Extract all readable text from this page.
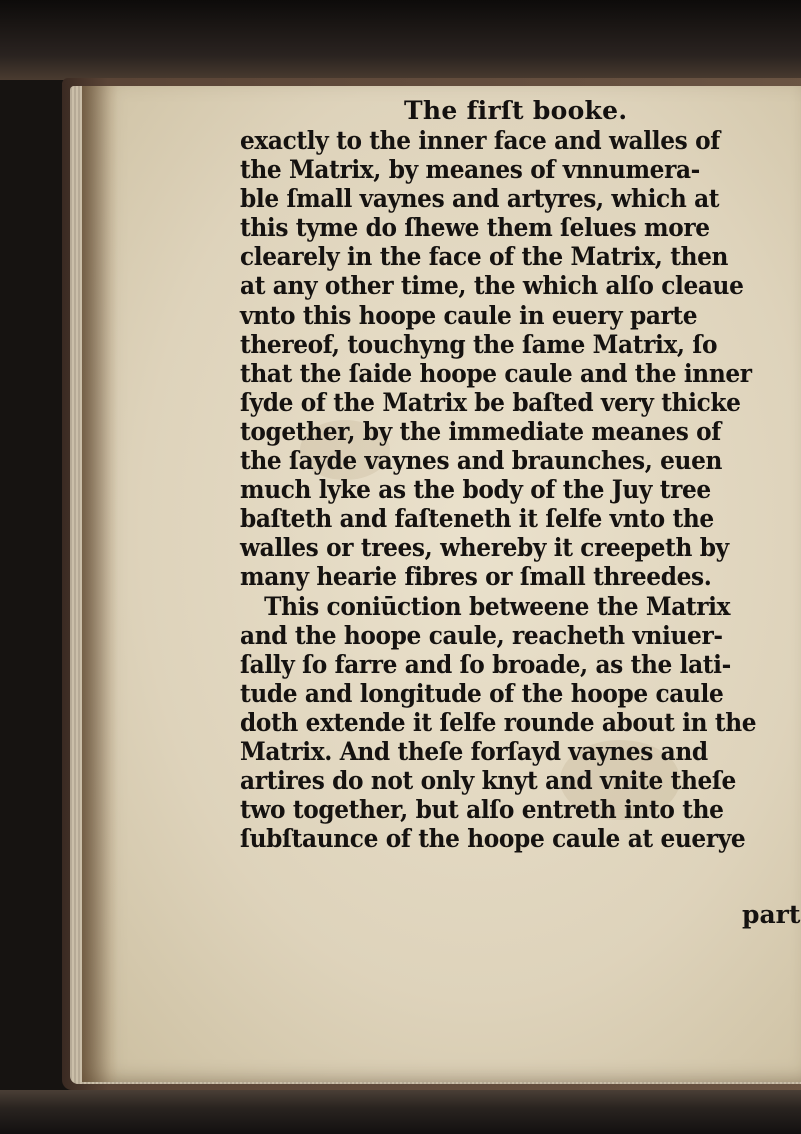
The firſt booke.
exactly to the inner face and walles of
the Matrix, by meanes of vnnumera-
ble ſmall vaynes and artyres, which at
this tyme do ſhewe them ſelues more
clearely in the face of the Matrix, then
at any other time, the which alſo cleaue
vnto this hoope caule in euery parte
thereof, touchyng the ſame Matrix, ſo
that the ſaide hoope caule and the inner
ſyde of the Matrix be baſted very thicke
together, by the immediate meanes of
the ſayde vaynes and braunches, euen
much lyke as the body of the Juy tree
baſteth and faſteneth it ſelfe vnto the
walles or trees, whereby it creepeth by
many hearie fibres or ſmall threedes.
This coniūction betweene the Matrix
and the hoope caule, reacheth vniuer-
ſally ſo farre and ſo broade, as the lati-
tude and longitude of the hoope caule
doth extende it ſelfe rounde about in the
Matrix. And theſe forſayd vaynes and
artires do not only knyt and vnite theſe
two together, but alſo entreth into the
ſubſtaunce of the hoope caule at euerye
part
